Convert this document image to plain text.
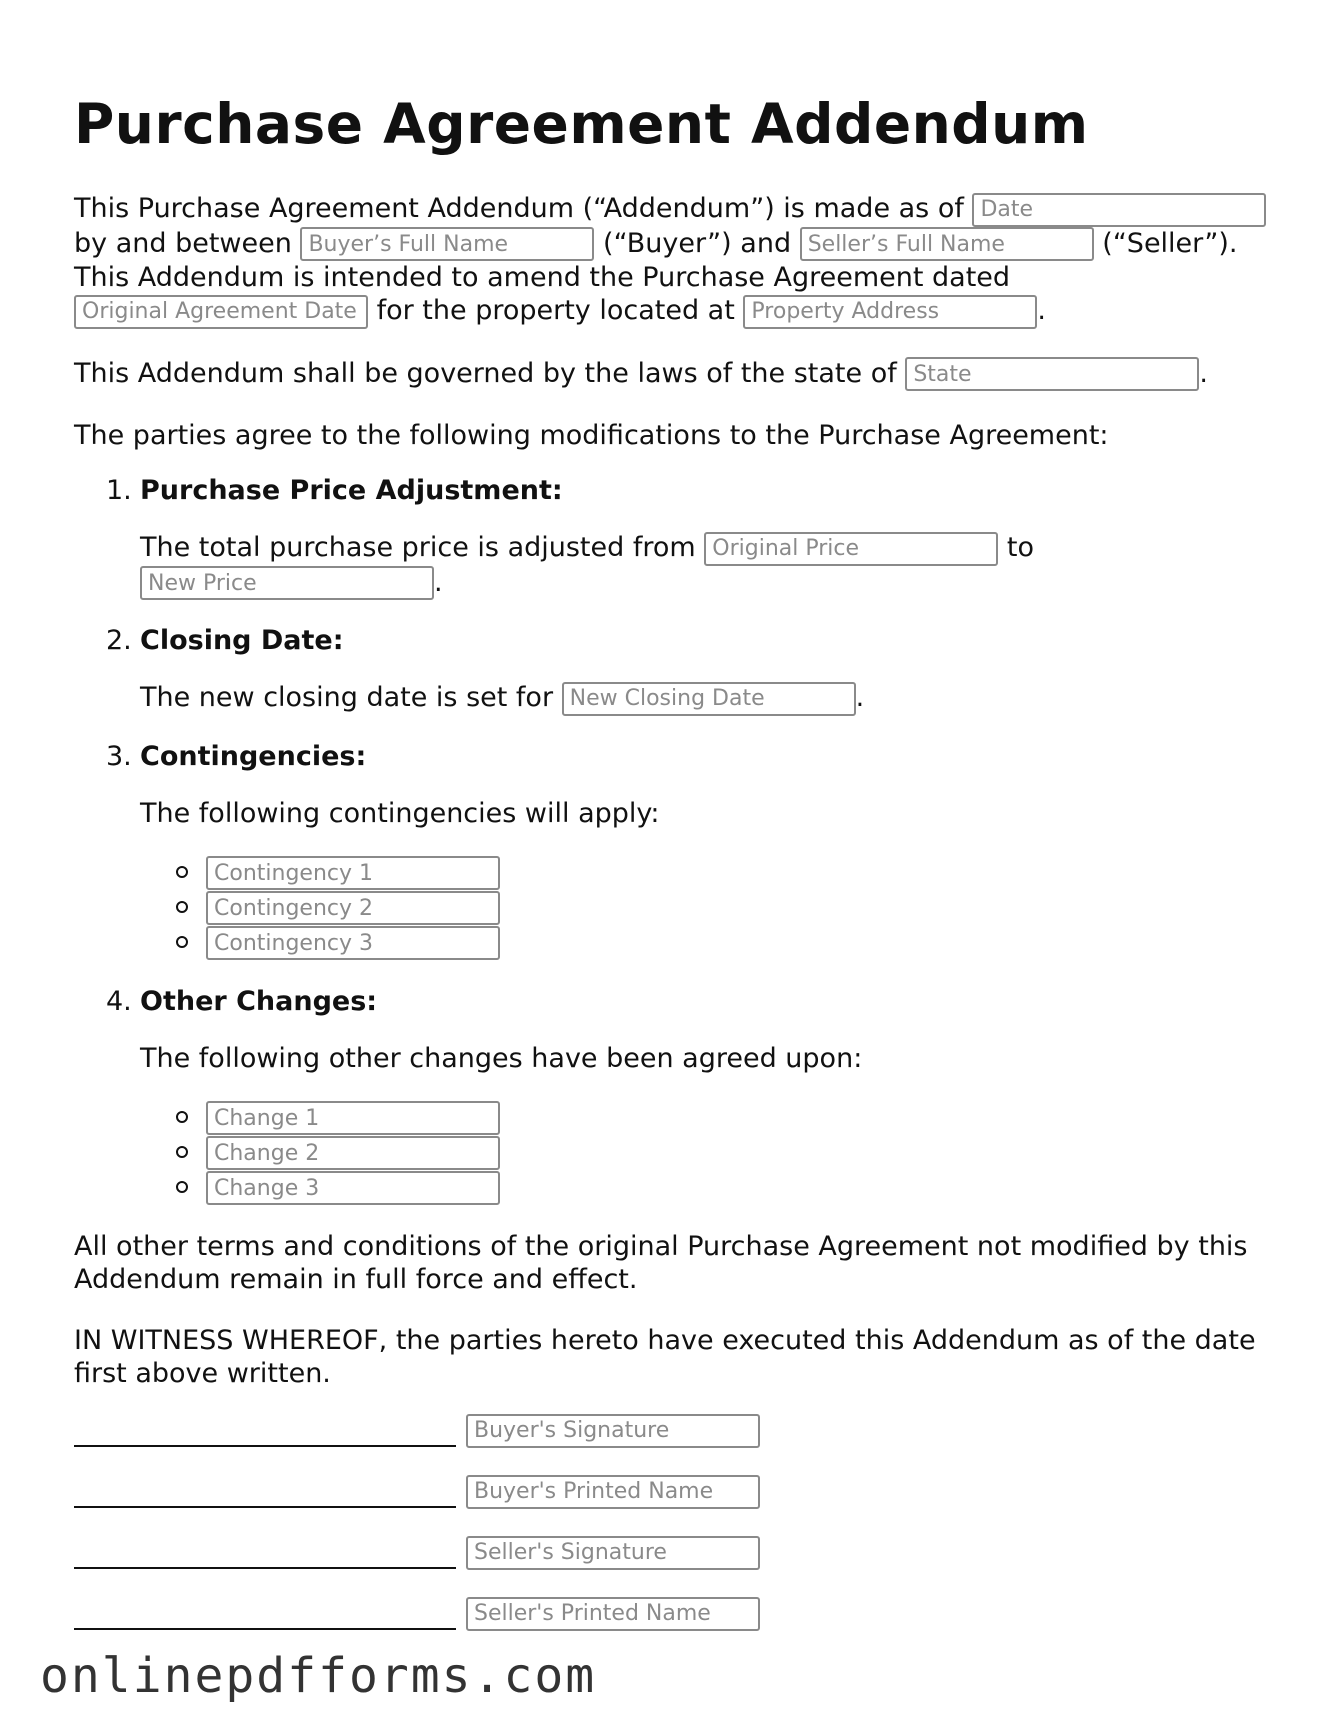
Purchase Agreement Addendum

This Purchase Agreement Addendum (“Addendum”) is made as of Date
by and between Buyer’s Full Name	(“Buyer”) and Seller’s Full Name	(“Seller”).
This Addendum is intended to amend the Purchase Agreement dated
Original Agreement Date for the property located at Property Address	.

This Addendum shall be governed by the laws of the state of State	.

The parties agree to the following modifications to the Purchase Agreement:

1. Purchase Price Adjustment:
The total purchase price is adjusted from Original Price	to
New Price.
2. Closing Date:
The new closing date is set for New Closing Date	.
3. Contingencies:
The following contingencies will apply:
Contingency 1
Contingency 2
Contingency 3
4. Other Changes:
The following other changes have been agreed upon:
Change 1
Change 2
Change 3

All other terms and conditions of the original Purchase Agreement not modified by this Addendum remain in full force and effect.

IN WITNESS WHEREOF, the parties hereto have executed this Addendum as of the date first above written.

Buyer's Signature
Buyer's Printed Name
Seller's Signature
Seller's Printed Name
onlinepdfforms.com
